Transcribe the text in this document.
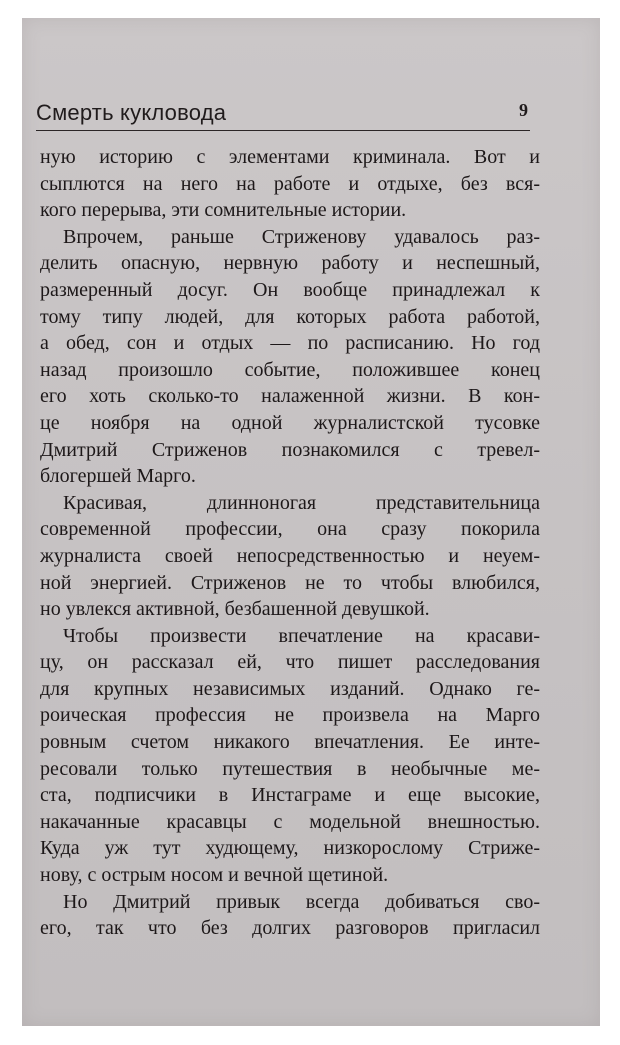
Смерть кукловода	9
ную историю с элементами криминала. Вот и
сыплются на него на работе и отдыхе, без вся-
кого перерыва, эти сомнительные истории.
Впрочем, раньше Стриженову удавалось раз-
делить опасную, нервную работу и неспешный,
размеренный досуг. Он вообще принадлежал к
тому типу людей, для которых работа работой,
а обед, сон и отдых — по расписанию. Но год
назад произошло событие, положившее конец
его хоть сколько-то налаженной жизни. В кон-
це ноября на одной журналистской тусовке
Дмитрий Стриженов познакомился с тревел-
блогершей Марго.
Красивая, длинноногая представительница
современной профессии, она сразу покорила
журналиста своей непосредственностью и неуем-
ной энергией. Стриженов не то чтобы влюбился,
но увлекся активной, безбашенной девушкой.
Чтобы произвести впечатление на красави-
цу, он рассказал ей, что пишет расследования
для крупных независимых изданий. Однако ге-
роическая профессия не произвела на Марго
ровным счетом никакого впечатления. Ее инте-
ресовали только путешествия в необычные ме-
ста, подписчики в Инстаграме и еще высокие,
накачанные красавцы с модельной внешностью.
Куда уж тут худющему, низкорослому Стриже-
нову, с острым носом и вечной щетиной.
Но Дмитрий привык всегда добиваться сво-
его, так что без долгих разговоров пригласил
